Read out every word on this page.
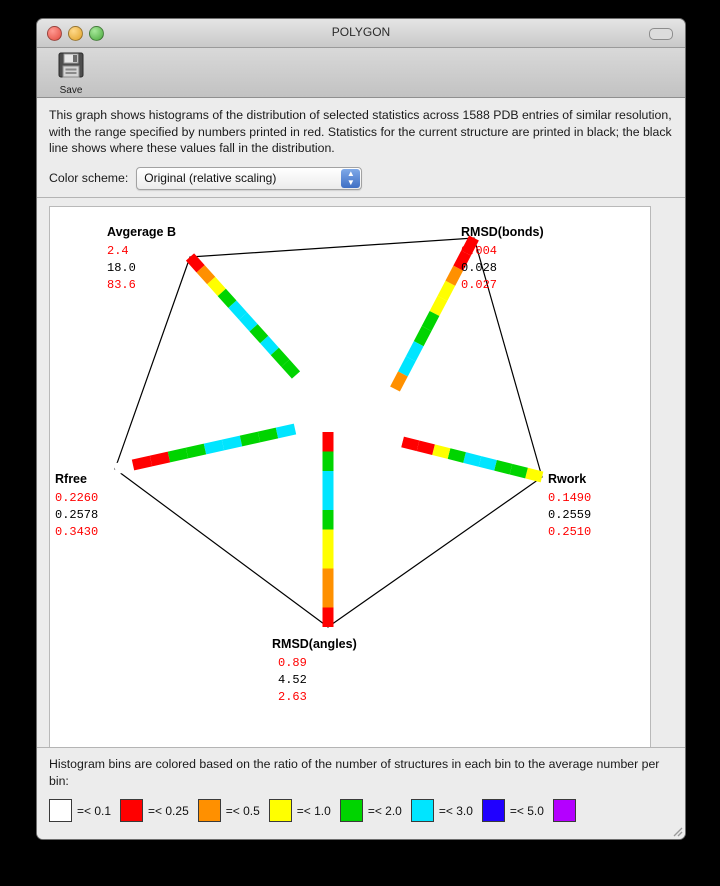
POLYGON
Save
This graph shows histograms of the distribution of selected statistics across 1588 PDB entries of similar resolution, with the range specified by numbers printed in red. Statistics for the current structure are printed in black; the black line shows where these values fall in the distribution.
Color scheme: Original (relative scaling)	▲
▼
Avgerage B
2.4
18.0
83.6
RMSD(bonds)
0.004
0.028
0.027
Rwork
0.1490
0.2559
0.2510
RMSD(angles)
0.89
4.52
2.63
Rfree
0.2260
0.2578
0.3430
Histogram bins are colored based on the ratio of the number of structures in each bin to the average number per bin:
=< 0.1	=< 0.25	=< 0.5	=< 1.0	=< 2.0	=< 3.0	=< 5.0
